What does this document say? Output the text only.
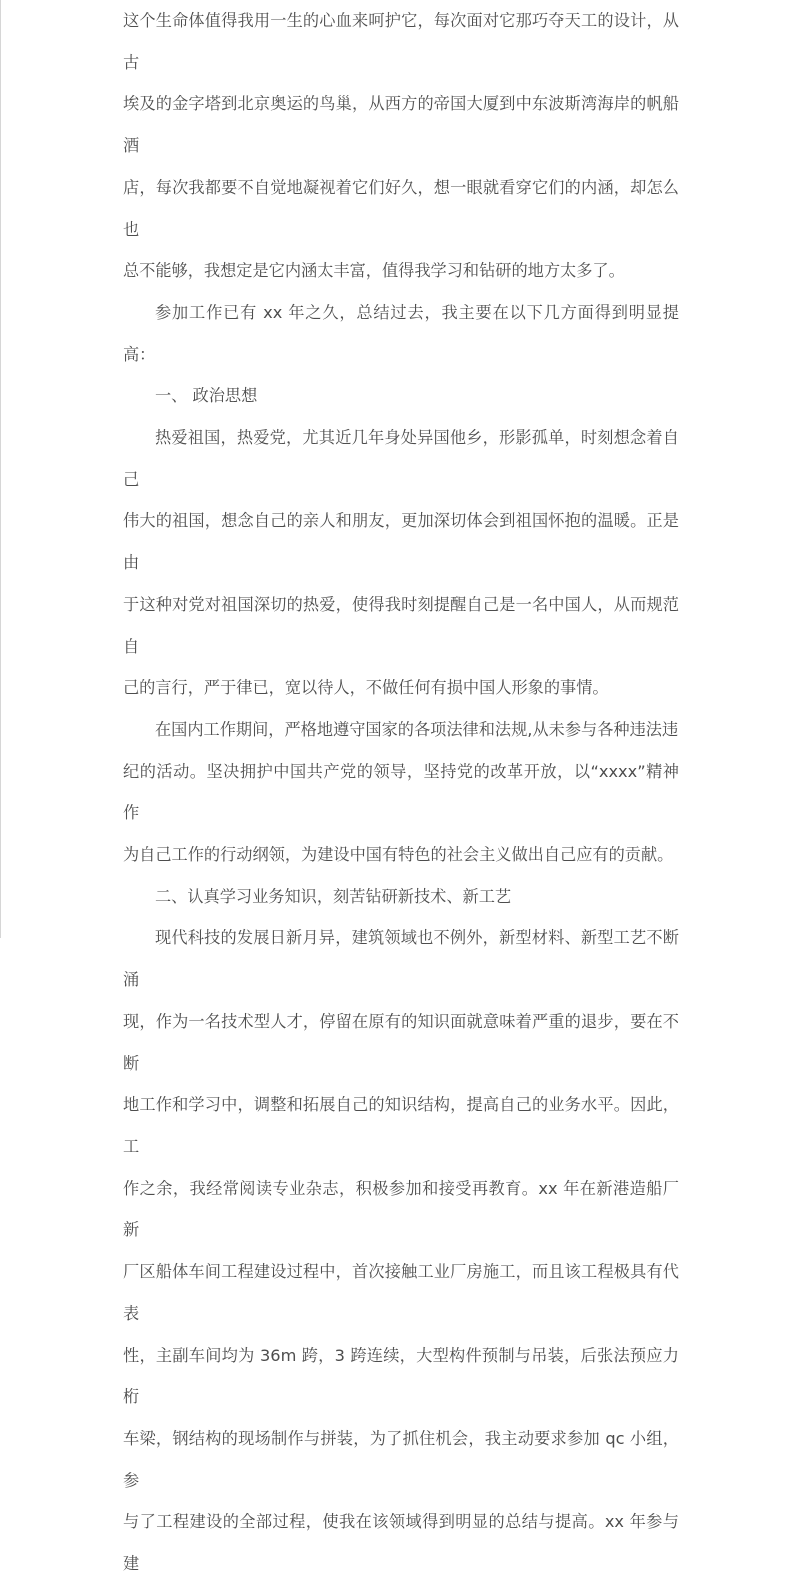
这个生命体值得我用一生的心血来呵护它，每次面对它那巧夺天工的设计，从古
埃及的金字塔到北京奥运的鸟巢，从西方的帝国大厦到中东波斯湾海岸的帆船酒
店，每次我都要不自觉地凝视着它们好久，想一眼就看穿它们的内涵，却怎么也
总不能够，我想定是它内涵太丰富，值得我学习和钻研的地方太多了。

参加工作已有 xx 年之久，总结过去，我主要在以下几方面得到明显提高：

一、 政治思想

热爱祖国，热爱党，尤其近几年身处异国他乡，形影孤单，时刻想念着自己
伟大的祖国，想念自己的亲人和朋友，更加深切体会到祖国怀抱的温暖。正是由
于这种对党对祖国深切的热爱，使得我时刻提醒自己是一名中国人，从而规范自
己的言行，严于律已，宽以待人，不做任何有损中国人形象的事情。

在国内工作期间，严格地遵守国家的各项法律和法规,从未参与各种违法违
纪的活动。坚决拥护中国共产党的领导，坚持党的改革开放，以“xxxx”精神作
为自己工作的行动纲领，为建设中国有特色的社会主义做出自己应有的贡献。

二、认真学习业务知识，刻苦钻研新技术、新工艺

现代科技的发展日新月异，建筑领域也不例外，新型材料、新型工艺不断涌
现，作为一名技术型人才，停留在原有的知识面就意味着严重的退步，要在不断
地工作和学习中，调整和拓展自己的知识结构，提高自己的业务水平。因此，工
作之余，我经常阅读专业杂志，积极参加和接受再教育。xx 年在新港造船厂新
厂区船体车间工程建设过程中，首次接触工业厂房施工，而且该工程极具有代表
性，主副车间均为 36m 跨，3 跨连续，大型构件预制与吊装，后张法预应力桁
车梁，钢结构的现场制作与拼装，为了抓住机会，我主动要求参加 qc 小组，参
与了工程建设的全部过程，使我在该领域得到明显的总结与提高。xx 年参与建
